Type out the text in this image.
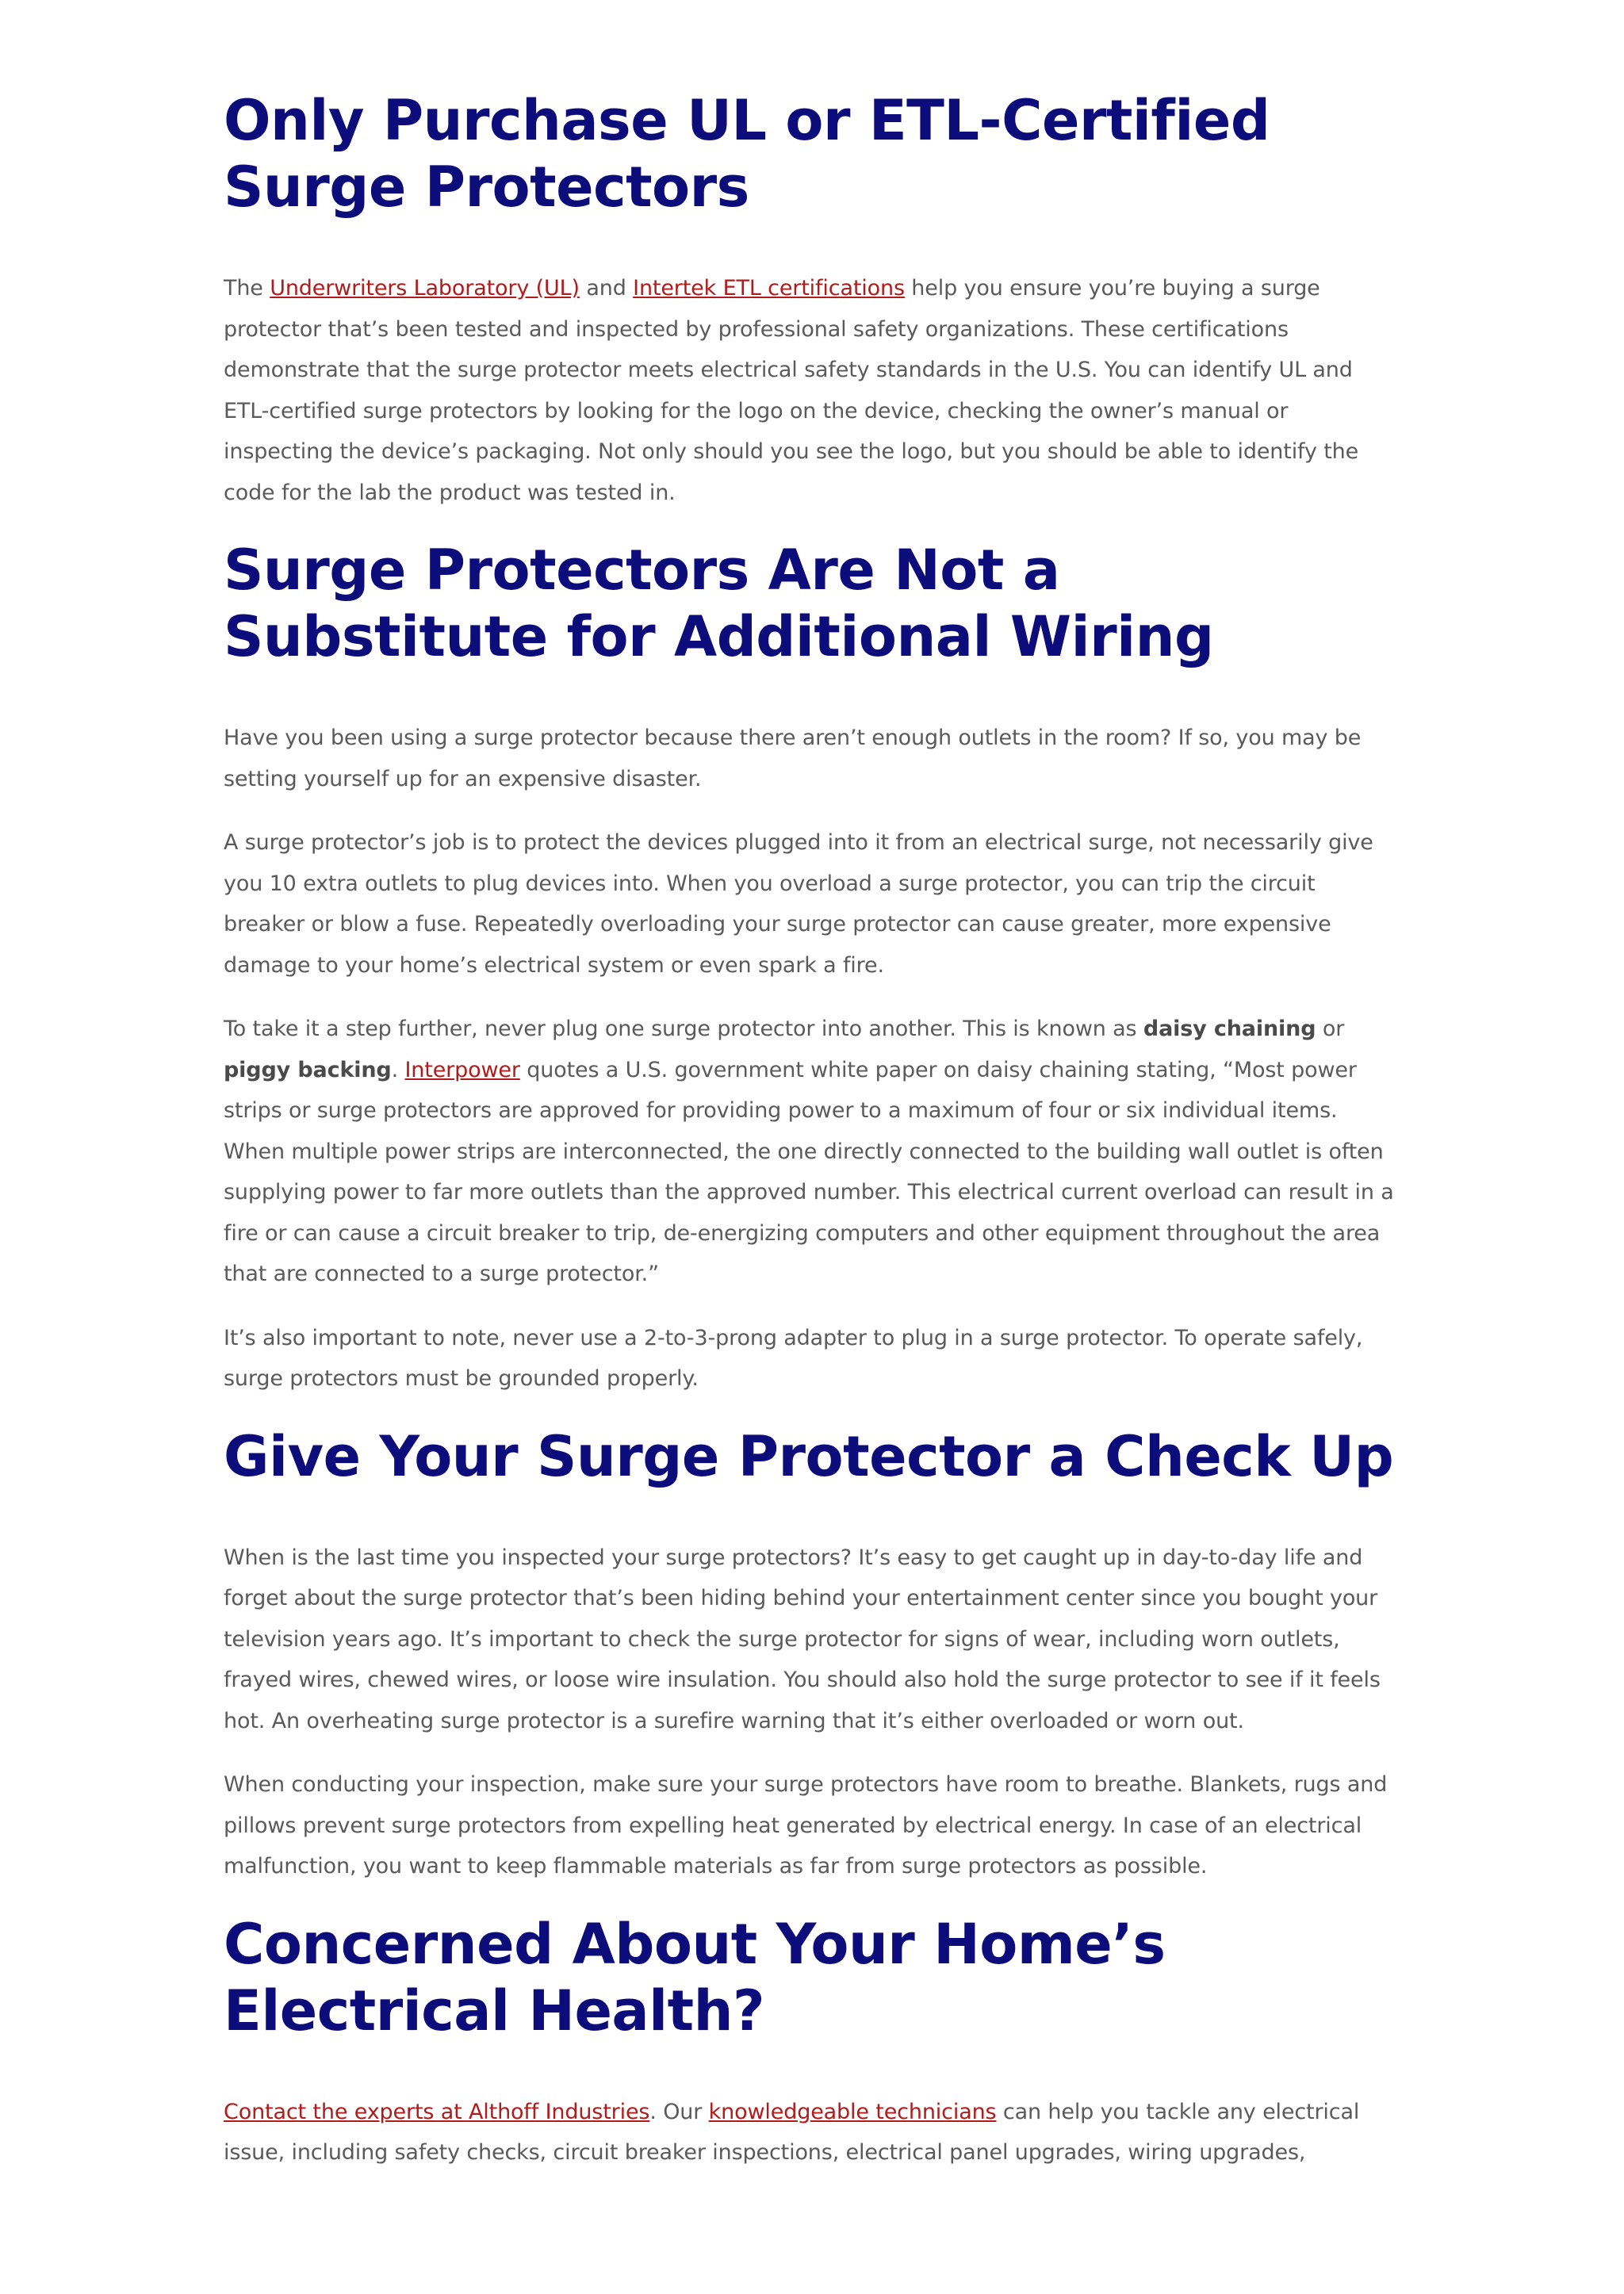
Only Purchase UL or ETL-Certified Surge Protectors

The Underwriters Laboratory (UL) and Intertek ETL certifications help you ensure you’re buying a surge protector that’s been tested and inspected by professional safety organizations. These certifications demonstrate that the surge protector meets electrical safety standards in the U.S. You can identify UL and ETL-certified surge protectors by looking for the logo on the device, checking the owner’s manual or inspecting the device’s packaging. Not only should you see the logo, but you should be able to identify the code for the lab the product was tested in.

Surge Protectors Are Not a Substitute for Additional Wiring

Have you been using a surge protector because there aren’t enough outlets in the room? If so, you may be setting yourself up for an expensive disaster.

A surge protector’s job is to protect the devices plugged into it from an electrical surge, not necessarily give you 10 extra outlets to plug devices into. When you overload a surge protector, you can trip the circuit breaker or blow a fuse. Repeatedly overloading your surge protector can cause greater, more expensive damage to your home’s electrical system or even spark a fire.

To take it a step further, never plug one surge protector into another. This is known as daisy chaining or piggy backing. Interpower quotes a U.S. government white paper on daisy chaining stating, “Most power strips or surge protectors are approved for providing power to a maximum of four or six individual items. When multiple power strips are interconnected, the one directly connected to the building wall outlet is often supplying power to far more outlets than the approved number. This electrical current overload can result in a fire or can cause a circuit breaker to trip, de-energizing computers and other equipment throughout the area that are connected to a surge protector.”

It’s also important to note, never use a 2-to-3-prong adapter to plug in a surge protector. To operate safely, surge protectors must be grounded properly.

Give Your Surge Protector a Check Up

When is the last time you inspected your surge protectors? It’s easy to get caught up in day-to-day life and forget about the surge protector that’s been hiding behind your entertainment center since you bought your television years ago. It’s important to check the surge protector for signs of wear, including worn outlets, frayed wires, chewed wires, or loose wire insulation. You should also hold the surge protector to see if it feels hot. An overheating surge protector is a surefire warning that it’s either overloaded or worn out.

When conducting your inspection, make sure your surge protectors have room to breathe. Blankets, rugs and pillows prevent surge protectors from expelling heat generated by electrical energy. In case of an electrical malfunction, you want to keep flammable materials as far from surge protectors as possible.

Concerned About Your Home’s Electrical Health?

Contact the experts at Althoff Industries. Our knowledgeable technicians can help you tackle any electrical issue, including safety checks, circuit breaker inspections, electrical panel upgrades, wiring upgrades,
